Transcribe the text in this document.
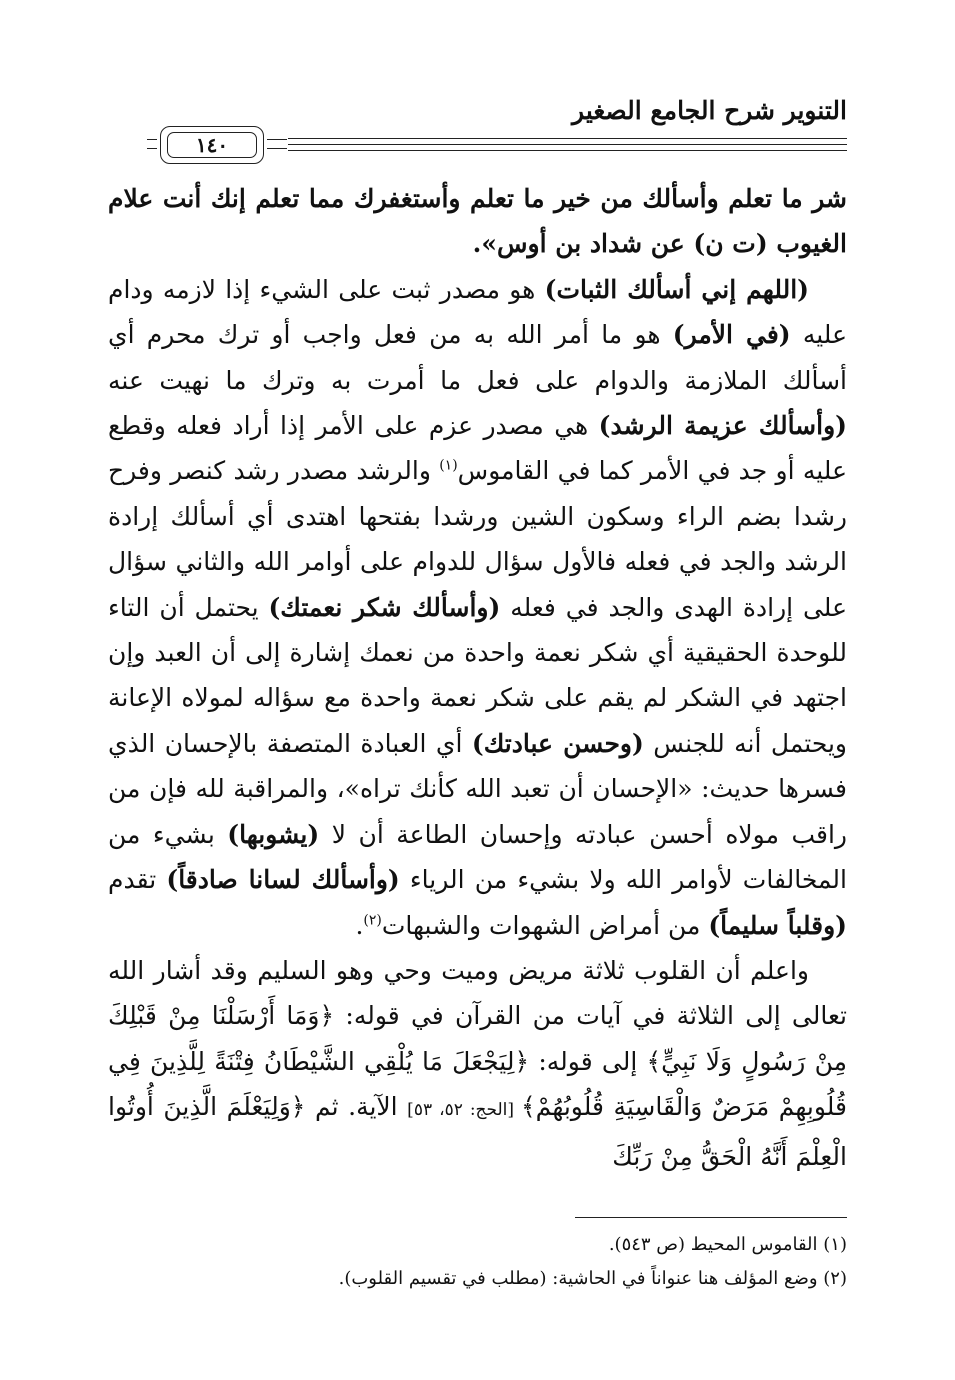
التنوير شرح الجامع الصغير
١٤٠

شر ما تعلم وأسألك من خير ما تعلم وأستغفرك مما تعلم إنك أنت علام الغيوب (ت ن) عن شداد بن أوس».

(اللهم إني أسألك الثبات) هو مصدر ثبت على الشيء إذا لازمه ودام عليه (في الأمر) هو ما أمر الله به من فعل واجب أو ترك محرم أي أسألك الملازمة والدوام على فعل ما أمرت به وترك ما نهيت عنه (وأسألك عزيمة الرشد) هي مصدر عزم على الأمر إذا أراد فعله وقطع عليه أو جد في الأمر كما في القاموس$^{(١)}$ والرشد مصدر رشد كنصر وفرح رشدا بضم الراء وسكون الشين ورشدا بفتحها اهتدى أي أسألك إرادة الرشد والجد في فعله فالأول سؤال للدوام على أوامر الله والثاني سؤال على إرادة الهدى والجد في فعله (وأسألك شكر نعمتك) يحتمل أن التاء للوحدة الحقيقية أي شكر نعمة واحدة من نعمك إشارة إلى أن العبد وإن اجتهد في الشكر لم يقم على شكر نعمة واحدة مع سؤاله لمولاه الإعانة ويحتمل أنه للجنس (وحسن عبادتك) أي العبادة المتصفة بالإحسان الذي فسرها حديث: «الإحسان أن تعبد الله كأنك تراه»، والمراقبة لله فإن من راقب مولاه أحسن عبادته وإحسان الطاعة أن لا (يشوبها) بشيء من المخالفات لأوامر الله ولا بشيء من الرياء (وأسألك لسانا صادقاً) تقدم (وقلباً سليماً) من أمراض الشهوات والشبهات$^{(٢)}$.

واعلم أن القلوب ثلاثة مريض وميت وحي وهو السليم وقد أشار الله تعالى إلى الثلاثة في آيات من القرآن في قوله: ﴿وَمَا أَرْسَلْنَا مِنْ قَبْلِكَ مِنْ رَسُولٍ وَلَا نَبِيٍّ﴾ إلى قوله: ﴿لِيَجْعَلَ مَا يُلْقِي الشَّيْطَانُ فِتْنَةً لِلَّذِينَ فِي قُلُوبِهِمْ مَرَضٌ وَالْقَاسِيَةِ قُلُوبُهُمْ﴾ [الحج: ٥٢، ٥٣] الآية. ثم ﴿وَلِيَعْلَمَ الَّذِينَ أُوتُوا الْعِلْمَ أَنَّهُ الْحَقُّ مِنْ رَبِّكَ

(١) القاموس المحيط (ص ٥٤٣).
(٢) وضع المؤلف هنا عنواناً في الحاشية: (مطلب في تقسيم القلوب).
